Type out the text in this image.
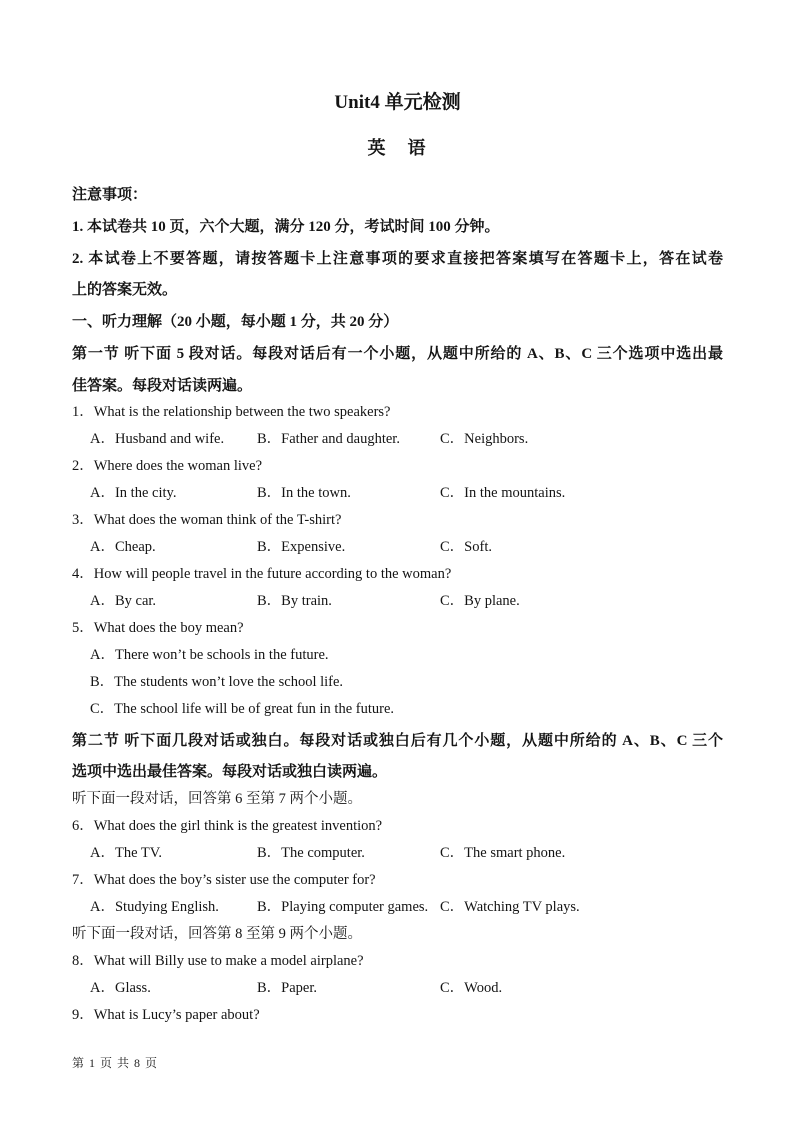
Unit4 单元检测
英　语
注意事项：
1. 本试卷共 10 页，六个大题，满分 120 分，考试时间 100 分钟。
2. 本试卷上不要答题，请按答题卡上注意事项的要求直接把答案填写在答题卡上，答在试卷
上的答案无效。
一、听力理解（20 小题，每小题 1 分，共 20 分）
第一节 听下面 5 段对话。每段对话后有一个小题，从题中所给的 A、B、C 三个选项中选出最
佳答案。每段对话读两遍。
1．What is the relationship between the two speakers?
A．Husband and wife. B．Father and daughter.	C．Neighbors.
2．Where does the woman live?
A．In the city.	B．In the town.	C．In the mountains.
3．What does the woman think of the T-shirt?
A．Cheap.	B．Expensive.	C．Soft.
4．How will people travel in the future according to the woman?
A．By car.	B．By train.	C．By plane.
5．What does the boy mean?
A．There won’t be schools in the future.
B．The students won’t love the school life.
C．The school life will be of great fun in the future.
第二节 听下面几段对话或独白。每段对话或独白后有几个小题，从题中所给的 A、B、C 三个
选项中选出最佳答案。每段对话或独白读两遍。
听下面一段对话，回答第 6 至第 7 两个小题。
6．What does the girl think is the greatest invention?
A．The TV.	B．The computer.	C．The smart phone.
7．What does the boy’s sister use the computer for?
A．Studying English.	B．Playing computer games. C．Watching TV plays.
听下面一段对话，回答第 8 至第 9 两个小题。
8．What will Billy use to make a model airplane?
A．Glass.	B．Paper.	C．Wood.
9．What is Lucy’s paper about?
第 1 页 共 8 页
